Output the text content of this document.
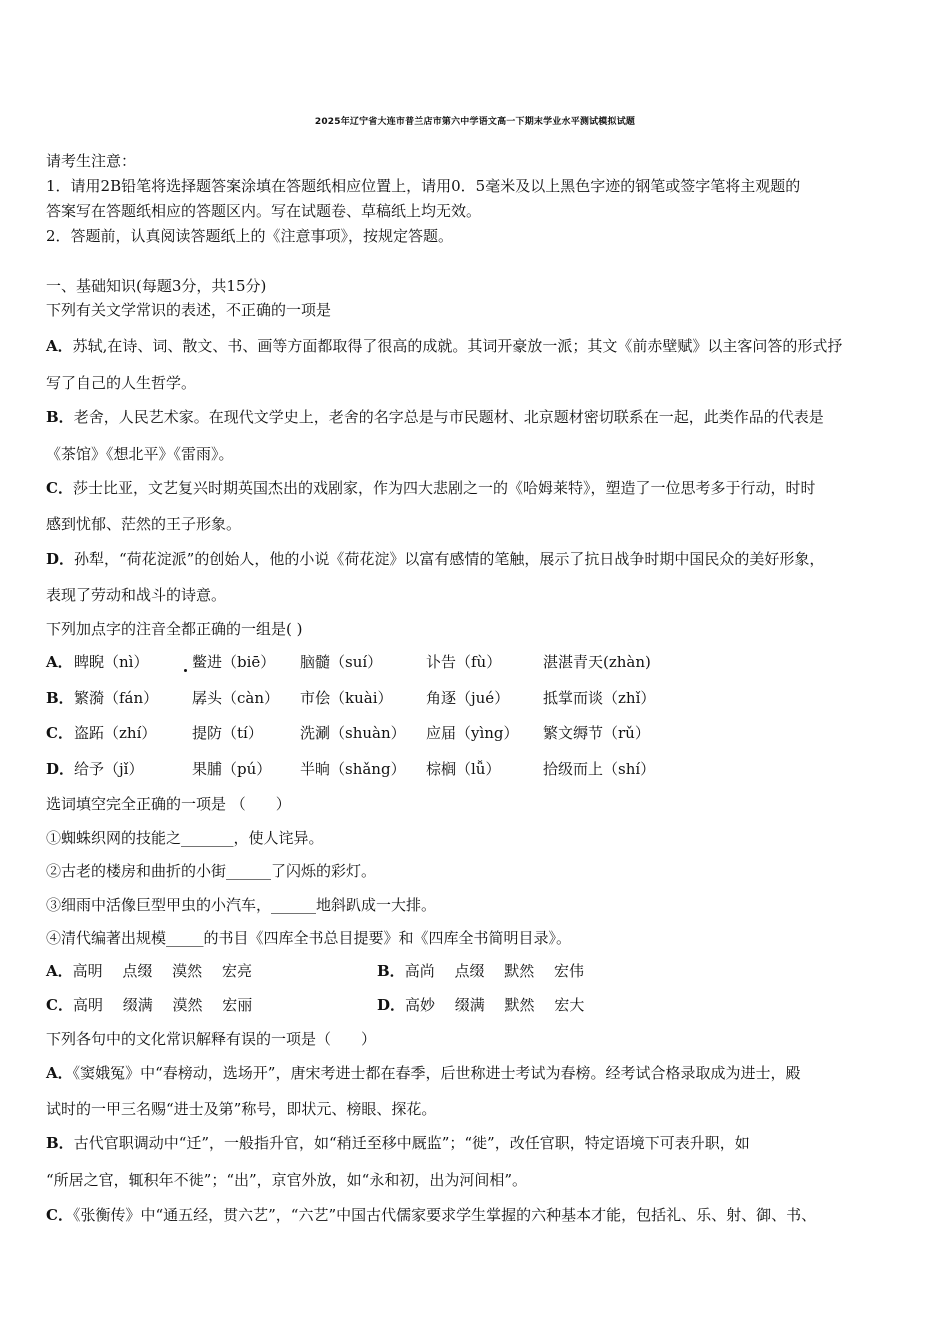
2025年辽宁省大连市普兰店市第六中学语文高一下期末学业水平测试模拟试题
请考生注意：
1．请用2B铅笔将选择题答案涂填在答题纸相应位置上，请用0．5毫米及以上黑色字迹的钢笔或签字笔将主观题的
答案写在答题纸相应的答题区内。写在试题卷、草稿纸上均无效。
2．答题前，认真阅读答题纸上的《注意事项》，按规定答题。
一、基础知识(每题3分，共15分)
下列有关文学常识的表述，不正确的一项是
A．苏轼,在诗、词、散文、书、画等方面都取得了很高的成就。其词开豪放一派；其文《前赤壁赋》以主客问答的形式抒
写了自己的人生哲学。
B．老舍，人民艺术家。在现代文学史上，老舍的名字总是与市民题材、北京题材密切联系在一起，此类作品的代表是
《茶馆》《想北平》《雷雨》。
C．莎士比亚，文艺复兴时期英国杰出的戏剧家，作为四大悲剧之一的《哈姆莱特》，塑造了一位思考多于行动，时时
感到忧郁、茫然的王子形象。
D．孙犁，“荷花淀派”的创始人，他的小说《荷花淀》以富有感情的笔触，展示了抗日战争时期中国民众的美好形象，
表现了劳动和战斗的诗意。
下列加点字的注音全都正确的一组是( )
A． 睥睨（nì）	鳖进（biē） 脑髓（suí）	讣告（fù）	湛湛青天(zhàn)
B． 繁漪（fán） 孱头（càn） 市侩（kuài） 角逐（jué） 抵掌而谈（zhǐ）
C． 盗跖（zhí） 提防（tí） 洗涮（shuàn） 应届（yìng） 繁文缛节（rǔ）
D． 给予（jǐ）	果脯（pú） 半晌（shǎng） 棕榈（lǚ）	拾级而上（shí）
选词填空完全正确的一项是 （　　）
①蜘蛛织网的技能之_______，使人诧异。
②古老的楼房和曲折的小街______了闪烁的彩灯。
③细雨中活像巨型甲虫的小汽车，______地斜趴成一大排。
④清代编著出规模_____的书目《四库全书总目提要》和《四库全书简明目录》。
A．高明　 点缀　 漠然　 宏亮	B．高尚　 点缀　 默然　 宏伟
C．高明　 缀满　 漠然　 宏丽	D．高妙　 缀满　 默然　 宏大
下列各句中的文化常识解释有误的一项是（　　）
A．《窦娥冤》中“春榜动，选场开”，唐宋考进士都在春季，后世称进士考试为春榜。经考试合格录取成为进士，殿
试时的一甲三名赐“进士及第”称号，即状元、榜眼、探花。
B．古代官职调动中“迁”，一般指升官，如“稍迁至移中厩监”；“徙”，改任官职，特定语境下可表升职，如
“所居之官，辄积年不徙”；“出”，京官外放，如“永和初，出为河间相”。
C．《张衡传》中“通五经，贯六艺”，“六艺”中国古代儒家要求学生掌握的六种基本才能，包括礼、乐、射、御、书、
